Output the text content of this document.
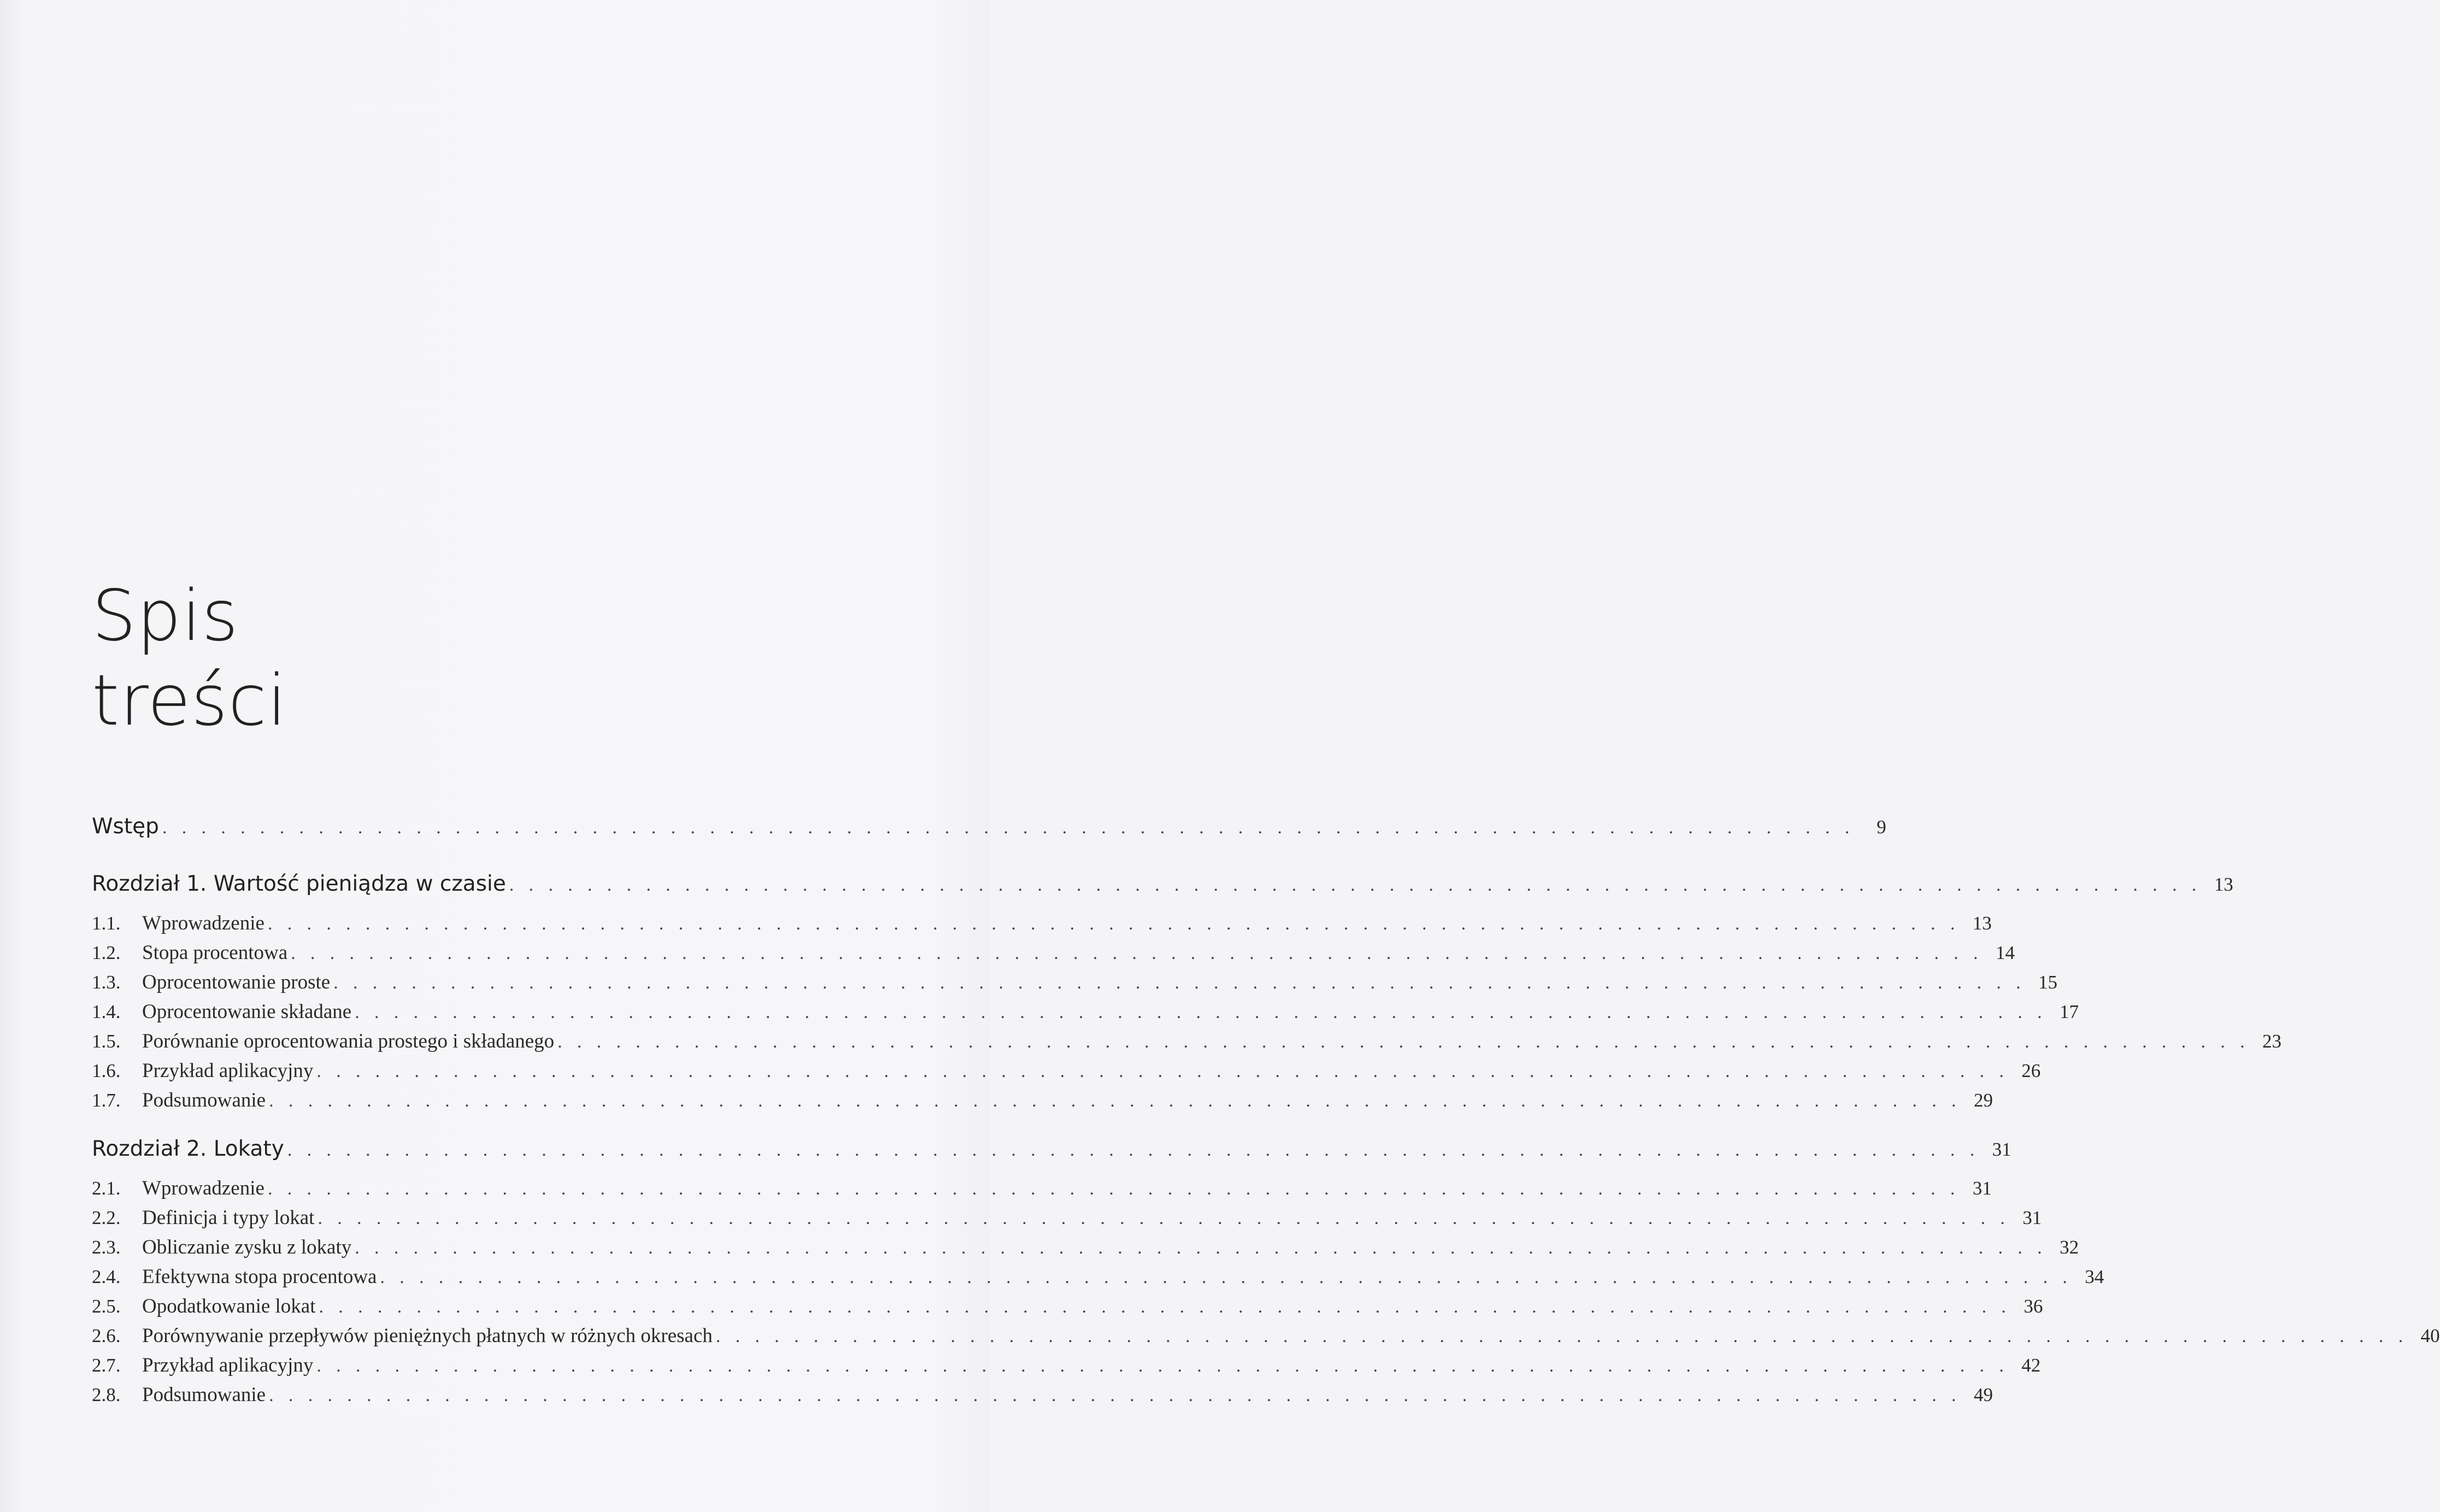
Spis
treści
Wstęp . . . . . . . . . . . . . . . . . . . . . . . . . . . . . . . . . . . . . . . . . . . . . . . . . . . . . . . . . . . . . . . . . . . . . . . . . . . . . . . . . . . . . . .	9
Rozdział 1. Wartość pieniądza w czasie . . . . . . . . . . . . . . . . . . . . . . . . . . . . . . . . . . . . . . . . . . . . . . . . . . . . . . . . . . . . . . . . . . . . . . . . . . . . . . . . . . . . . . . 13
1.1.	Wprowadzenie . . . . . . . . . . . . . . . . . . . . . . . . . . . . . . . . . . . . . . . . . . . . . . . . . . . . . . . . . . . . . . . . . . . . . . . . . . . . . . . . . . . . . . . 13
1.2.	Stopa procentowa . . . . . . . . . . . . . . . . . . . . . . . . . . . . . . . . . . . . . . . . . . . . . . . . . . . . . . . . . . . . . . . . . . . . . . . . . . . . . . . . . . . . . . . 14
1.3.	Oprocentowanie proste . . . . . . . . . . . . . . . . . . . . . . . . . . . . . . . . . . . . . . . . . . . . . . . . . . . . . . . . . . . . . . . . . . . . . . . . . . . . . . . . . . . . . . . 15
1.4.	Oprocentowanie składane . . . . . . . . . . . . . . . . . . . . . . . . . . . . . . . . . . . . . . . . . . . . . . . . . . . . . . . . . . . . . . . . . . . . . . . . . . . . . . . . . . . . . . . 17
1.5.	Porównanie oprocentowania prostego i składanego . . . . . . . . . . . . . . . . . . . . . . . . . . . . . . . . . . . . . . . . . . . . . . . . . . . . . . . . . . . . . . . . . . . . . . . . . . . . . . . . . . . . . . . 23
1.6.	Przykład aplikacyjny . . . . . . . . . . . . . . . . . . . . . . . . . . . . . . . . . . . . . . . . . . . . . . . . . . . . . . . . . . . . . . . . . . . . . . . . . . . . . . . . . . . . . . . 26
1.7.	Podsumowanie . . . . . . . . . . . . . . . . . . . . . . . . . . . . . . . . . . . . . . . . . . . . . . . . . . . . . . . . . . . . . . . . . . . . . . . . . . . . . . . . . . . . . . . 29
Rozdział 2. Lokaty . . . . . . . . . . . . . . . . . . . . . . . . . . . . . . . . . . . . . . . . . . . . . . . . . . . . . . . . . . . . . . . . . . . . . . . . . . . . . . . . . . . . . . . 31
2.1.	Wprowadzenie . . . . . . . . . . . . . . . . . . . . . . . . . . . . . . . . . . . . . . . . . . . . . . . . . . . . . . . . . . . . . . . . . . . . . . . . . . . . . . . . . . . . . . . 31
2.2.	Definicja i typy lokat . . . . . . . . . . . . . . . . . . . . . . . . . . . . . . . . . . . . . . . . . . . . . . . . . . . . . . . . . . . . . . . . . . . . . . . . . . . . . . . . . . . . . . . 31
2.3.	Obliczanie zysku z lokaty . . . . . . . . . . . . . . . . . . . . . . . . . . . . . . . . . . . . . . . . . . . . . . . . . . . . . . . . . . . . . . . . . . . . . . . . . . . . . . . . . . . . . . . 32
2.4.	Efektywna stopa procentowa . . . . . . . . . . . . . . . . . . . . . . . . . . . . . . . . . . . . . . . . . . . . . . . . . . . . . . . . . . . . . . . . . . . . . . . . . . . . . . . . . . . . . . . 34
2.5.	Opodatkowanie lokat . . . . . . . . . . . . . . . . . . . . . . . . . . . . . . . . . . . . . . . . . . . . . . . . . . . . . . . . . . . . . . . . . . . . . . . . . . . . . . . . . . . . . . . 36
2.6.	Porównywanie przepływów pieniężnych płatnych w różnych okresach . . . . . . . . . . . . . . . . . . . . . . . . . . . . . . . . . . . . . . . . . . . . . . . . . . . . . . . . . . . . . . . . . . . . . . . . . . . . . . . . . . . . . . . 40
2.7.	Przykład aplikacyjny . . . . . . . . . . . . . . . . . . . . . . . . . . . . . . . . . . . . . . . . . . . . . . . . . . . . . . . . . . . . . . . . . . . . . . . . . . . . . . . . . . . . . . . 42
2.8.	Podsumowanie . . . . . . . . . . . . . . . . . . . . . . . . . . . . . . . . . . . . . . . . . . . . . . . . . . . . . . . . . . . . . . . . . . . . . . . . . . . . . . . . . . . . . . . 49
